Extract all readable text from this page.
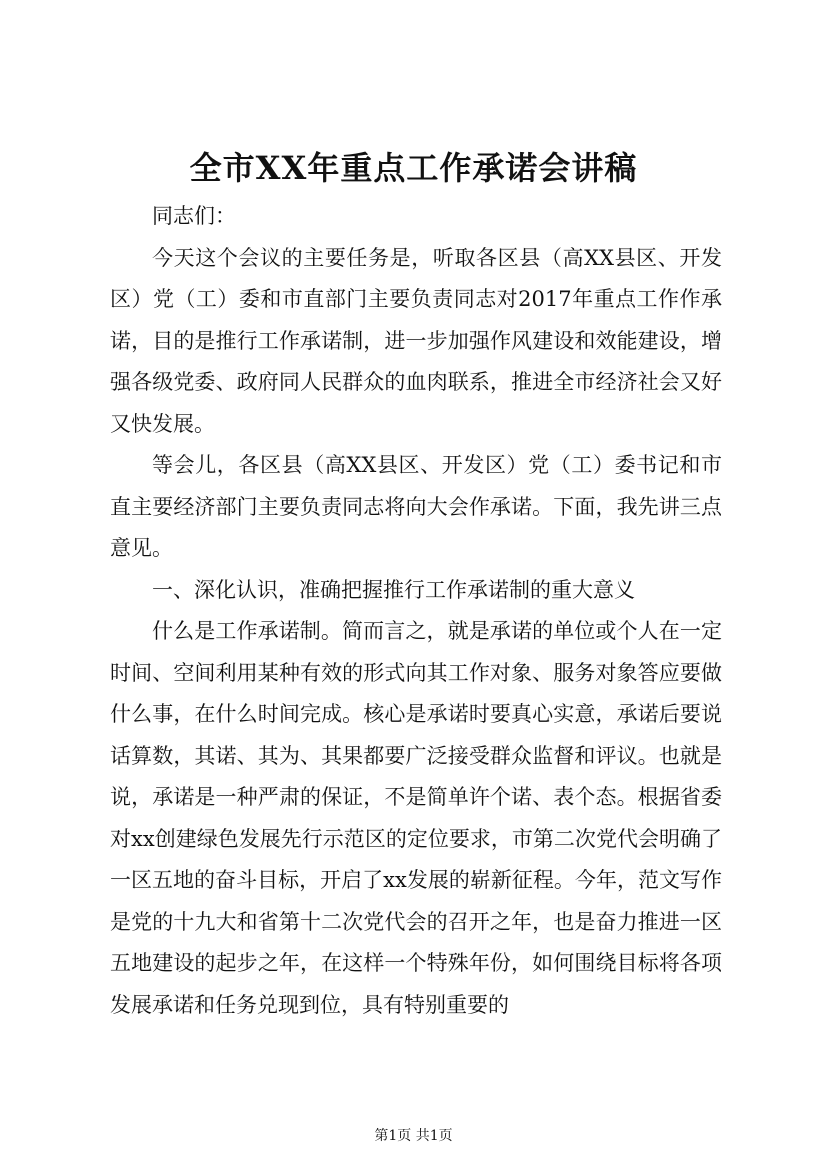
全市XX年重点工作承诺会讲稿

同志们：

今天这个会议的主要任务是，听取各区县（高XX县区、开发区）党（工）委和市直部门主要负责同志对2017年重点工作作承诺，目的是推行工作承诺制，进一步加强作风建设和效能建设，增强各级党委、政府同人民群众的血肉联系，推进全市经济社会又好又快发展。

等会儿，各区县（高XX县区、开发区）党（工）委书记和市直主要经济部门主要负责同志将向大会作承诺。下面，我先讲三点意见。

一、深化认识，准确把握推行工作承诺制的重大意义

什么是工作承诺制。简而言之，就是承诺的单位或个人在一定时间、空间利用某种有效的形式向其工作对象、服务对象答应要做什么事，在什么时间完成。核心是承诺时要真心实意，承诺后要说话算数，其诺、其为、其果都要广泛接受群众监督和评议。也就是说，承诺是一种严肃的保证，不是简单许个诺、表个态。根据省委对xx创建绿色发展先行示范区的定位要求，市第二次党代会明确了一区五地的奋斗目标，开启了xx发展的崭新征程。今年，范文写作是党的十九大和省第十二次党代会的召开之年，也是奋力推进一区五地建设的起步之年，在这样一个特殊年份，如何围绕目标将各项发展承诺和任务兑现到位，具有特别重要的

第1页 共1页
